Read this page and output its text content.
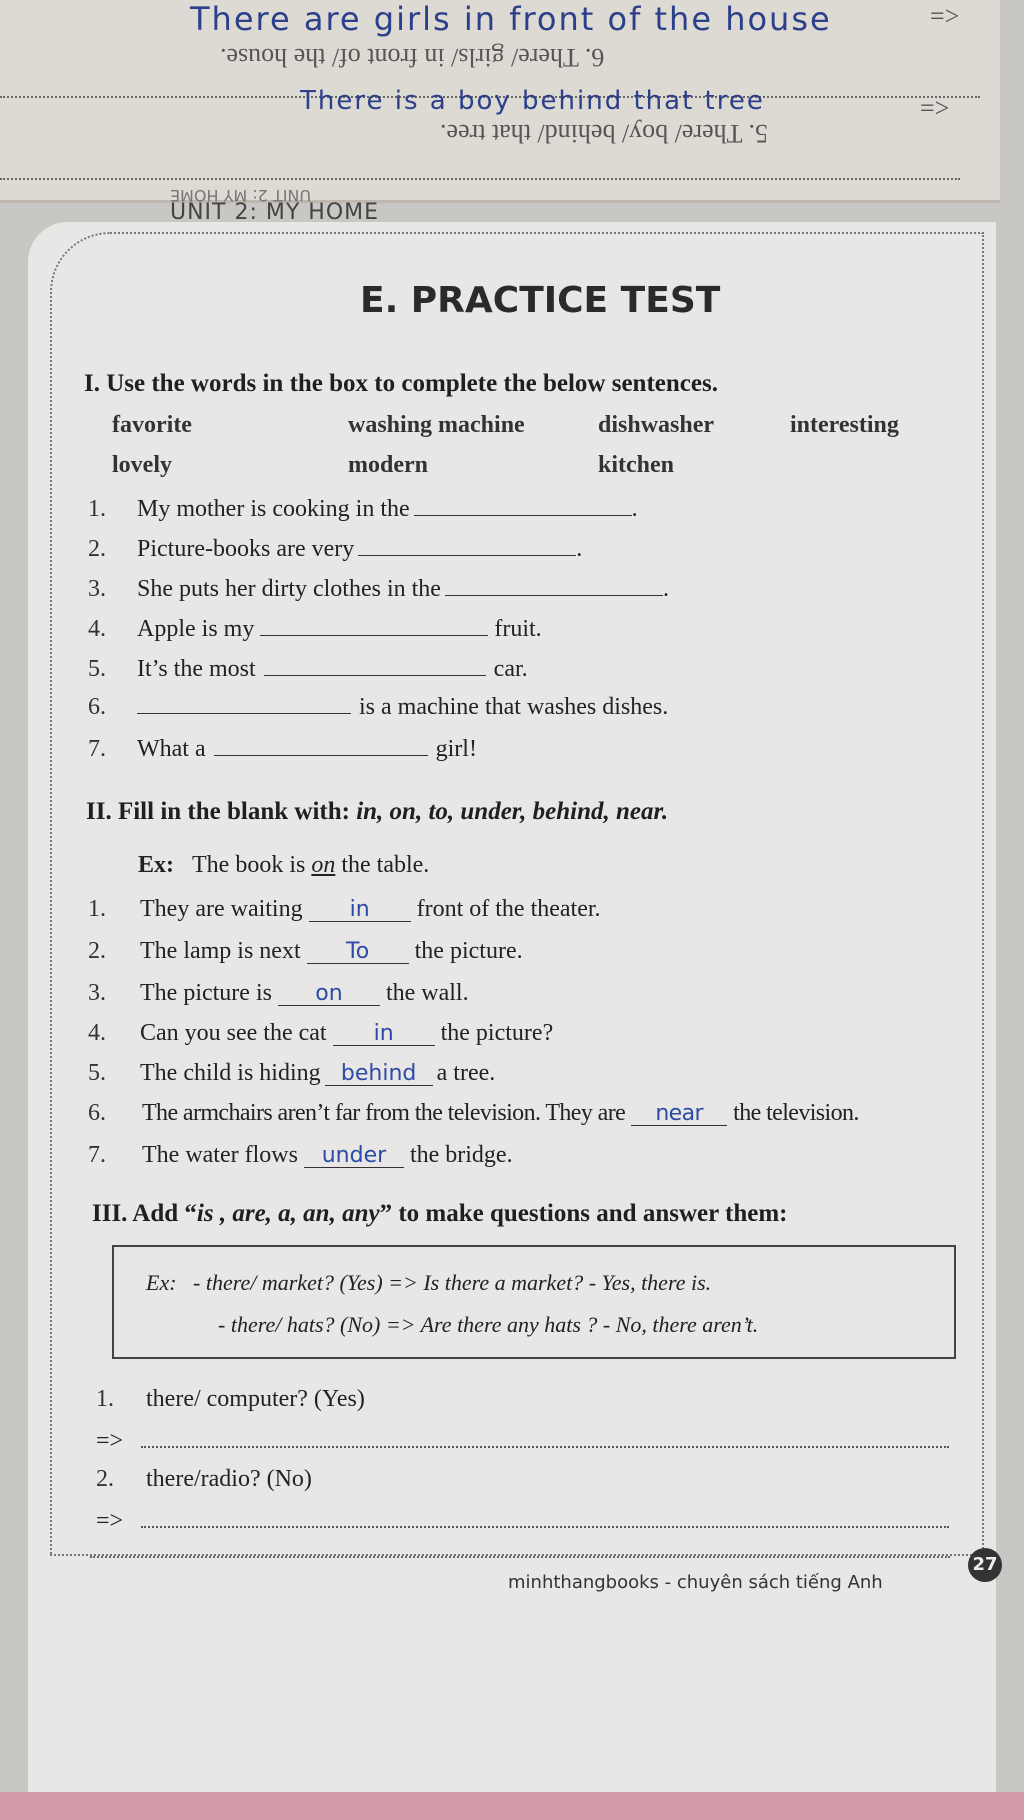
There are girls in front of the house
6. There/ girls/ in front of/ the house.
<=
There is a boy behind that tree	<=
5. There/ boy/ behind/ that tree.
UNIT 2: MY HOME
UNIT 2: MY HOME
E. PRACTICE TEST
I. Use the words in the box to complete the below sentences.
favorite	washing machine	dishwasher	interesting
lovely	modern	kitchen
1. My mother is cooking in the	.
2. Picture-books are very	.
3. She puts her dirty clothes in the	.
4. Apple is my	fruit.
5. It’s the most	car.
6.	is a machine that washes dishes.
7. What a	girl!
II. Fill in the blank with: in, on, to, under, behind, near.
Ex: The book is on the table.
1. They are waiting in front of the theater.
2. The lamp is next To the picture.
3. The picture is on the wall.
4. Can you see the cat in the picture?
5. The child is hiding behind a tree.
6. The armchairs aren’t far from the television. They are near the television.
7. The water flows under the bridge.
III. Add “is , are, a, an, any” to make questions and answer them:
Ex: - there/ market? (Yes) => Is there a market? - Yes, there is.
- there/ hats? (No) => Are there any hats ? - No, there aren’t.
1. there/ computer? (Yes)
=>
2. there/radio? (No)
=>
minhthangbooks - chuyên sách tiếng Anh
27
